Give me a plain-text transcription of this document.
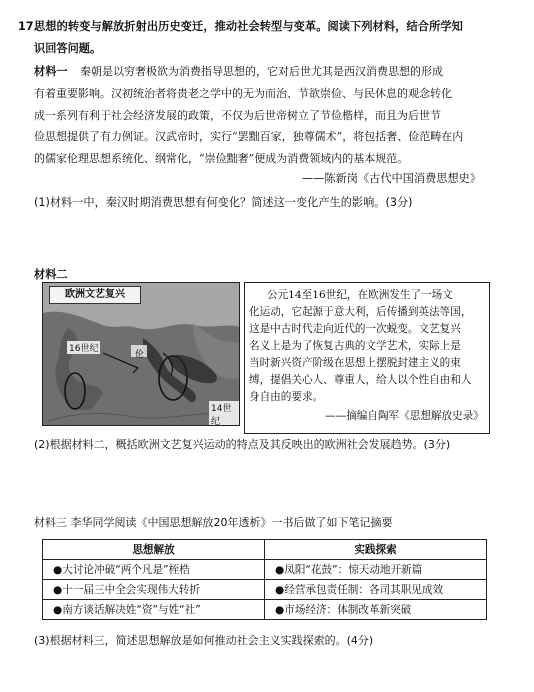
17.
思想的转变与解放折射出历史变迁，推动社会转型与变革。阅读下列材料，结合所学知
识回答问题。
材料一 秦朝是以穷奢极欲为消费指导思想的，它对后世尤其是西汉消费思想的形成
有着重要影响。汉初统治者将贵老之学中的无为而治、节欲崇俭、与民休息的观念转化
成一系列有利于社会经济发展的政策，不仅为后世帝树立了节俭楷样，而且为后世节
俭思想提供了有力例证。汉武帝时，实行“罢黜百家，独尊儒术”，将包括奢、俭范畴在内
的儒家伦理思想系统化、纲常化，“崇俭黜奢”便成为消费领域内的基本规范。
——陈新岗《古代中国消费思想史》
(1)材料一中，秦汉时期消费思想有何变化？简述这一变化产生的影响。(3分)
材料二
欧洲文艺复兴
16世纪
14世纪
伦
公元14至16世纪，在欧洲发生了一场文
化运动，它起源于意大利，后传播到英法等国，
这是中古时代走向近代的一次蜕变。文艺复兴
名义上是为了恢复古典的文学艺术，实际上是
当时新兴资产阶级在思想上摆脱封建主义的束
缚，提倡关心人、尊重人，给人以个性自由和人
身自由的要求。
——摘编自陶军《思想解放史录》
(2)根据材料二，概括欧洲文艺复兴运动的特点及其反映出的欧洲社会发展趋势。(3分)
材料三 李华同学阅读《中国思想解放20年透析》一书后做了如下笔记摘要
思想解放	实践探索
●大讨论冲破“两个凡是”桎梏	●凤阳“花鼓”：惊天动地开新篇
●十一届三中全会实现伟大转折	●经营承包责任制：各司其职见成效
●南方谈话解决姓“资”与姓“社”	●市场经济：体制改革新突破
(3)根据材料三，简述思想解放是如何推动社会主义实践探索的。(4分)
